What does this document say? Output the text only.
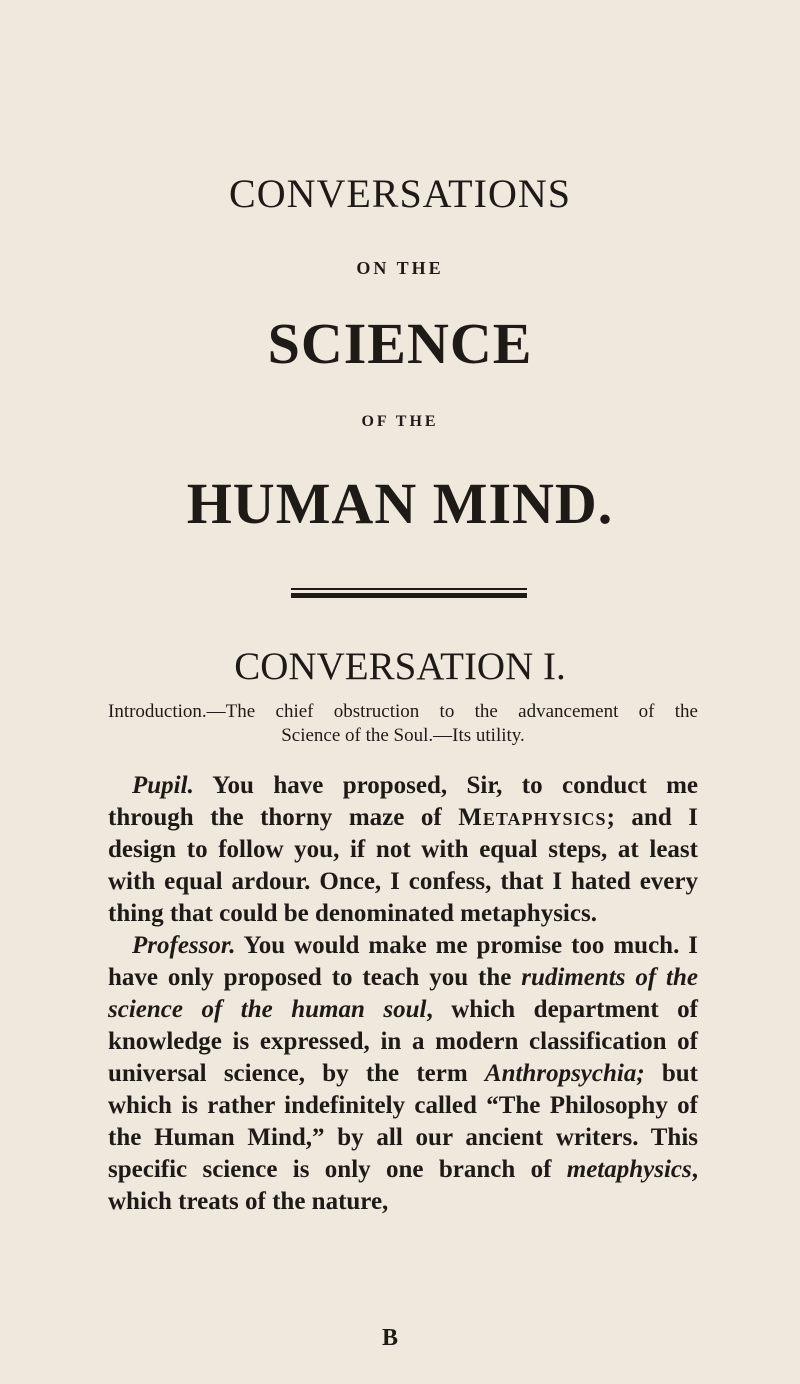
CONVERSATIONS
ON THE
SCIENCE
OF THE
HUMAN MIND.
CONVERSATION I.
Introduction.—The chief obstruction to the advancement of the
Science of the Soul.—Its utility.

Pupil. You have proposed, Sir, to conduct me through the thorny maze of Metaphysics; and I design to follow you, if not with equal steps, at least with equal ardour. Once, I confess, that I hated every thing that could be denominated metaphysics.

Professor. You would make me promise too much. I have only proposed to teach you the rudiments of the science of the human soul, which department of knowledge is expressed, in a modern classification of universal science, by the term Anthropsychia; but which is rather indefinitely called “The Philosophy of the Human Mind,” by all our ancient writers. This specific science is only one branch of metaphysics, which treats of the nature,

B
